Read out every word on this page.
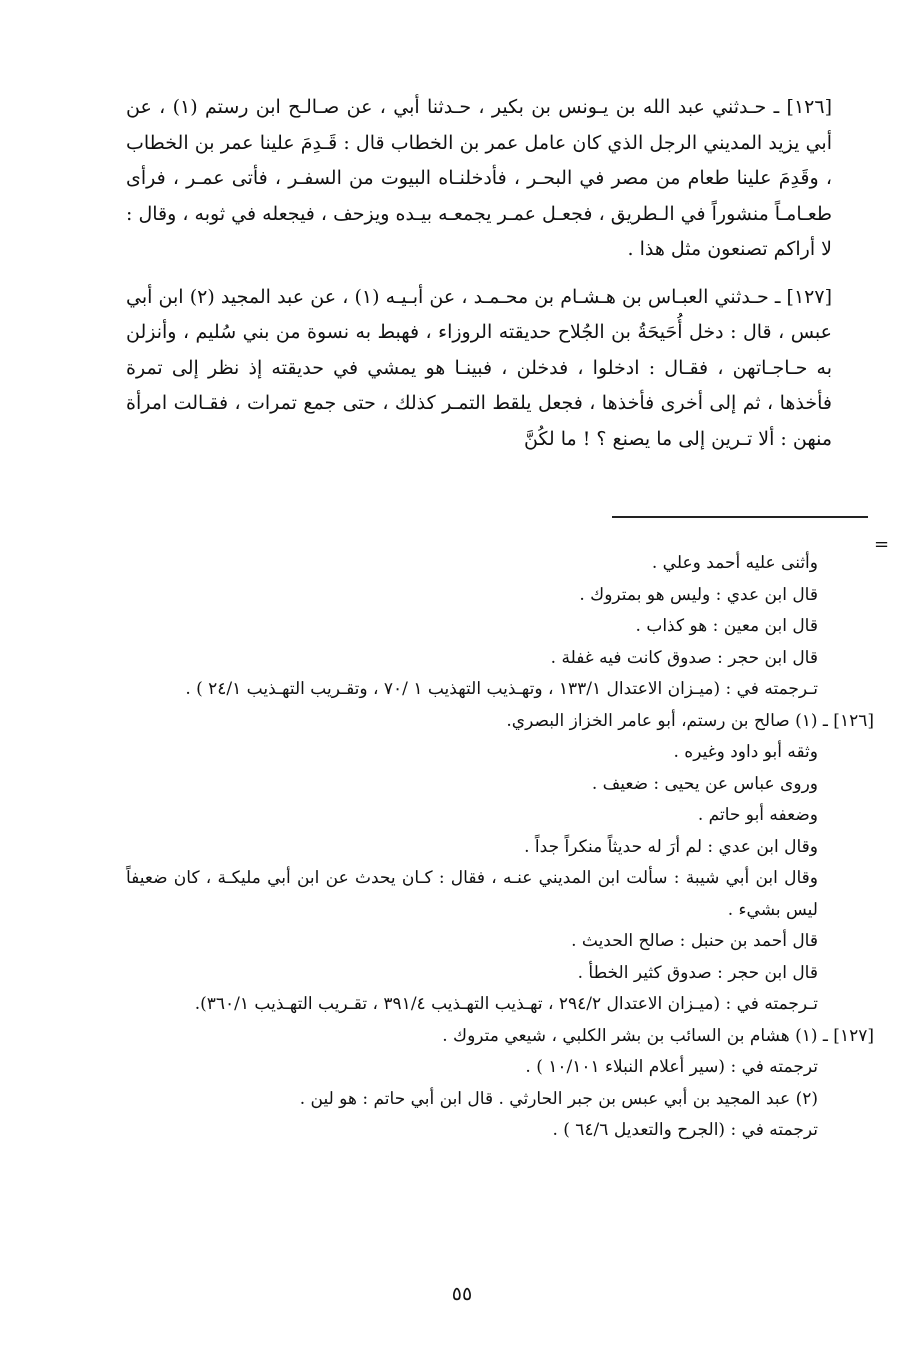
[١٢٦] ـ حـدثني عبد الله بن يـونس بن بكير ، حـدثنا أبي ، عن صـالـح ابن رستم (١) ، عن أبي يزيد المديني الرجل الذي كان عامل عمر بن الخطاب قال : قَـدِمَ علينا عمر بن الخطاب ، وقَدِمَ علينا طعام من مصر في البحـر ، فأدخلنـاه البيوت من السفـر ، فأتى عمـر ، فرأى طعـامـاً منشوراً في الـطريق ، فجعـل عمـر يجمعـه بيـده ويزحف ، فيجعله في ثوبه ، وقال : لا أراكم تصنعون مثل هذا .

[١٢٧] ـ حـدثني العبـاس بن هـشـام بن محـمـد ، عن أبـيـه (١) ، عن عبد المجيد (٢) ابن أبي عبس ، قال : دخل أُحَيحَةُ بن الجُلاح حديقته الروزاء ، فهبط به نسوة من بني سُليم ، وأنزلن به حـاجـاتهن ، فقـال : ادخلوا ، فدخلن ، فبينـا هو يمشي في حديقته إذ نظر إلى تمرة فأخذها ، ثم إلى أخرى فأخذها ، فجعل يلقط التمـر كذلك ، حتى جمع تمرات ، فقـالت امرأة منهن : ألا تـرين إلى ما يصنع ؟ ! ما لكُنَّ

=

وأثنى عليه أحمد وعلي .

قال ابن عدي : وليس هو بمتروك .

قال ابن معين : هو كذاب .

قال ابن حجر : صدوق كانت فيه غفلة .

تـرجمته في : (ميـزان الاعتدال ١٣٣/١ ، وتهـذيب التهذيب ١ /٧٠ ، وتقـريب التهـذيب ٢٤/١ ) .

[١٢٦] ـ (١) صالح بن رستم، أبو عامر الخزاز البصري.

وثقه أبو داود وغيره .

وروى عباس عن يحيى : ضعيف .

وضعفه أبو حاتم .

وقال ابن عدي : لم أرَ له حديثاً منكراً جداً .

وقال ابن أبي شيبة : سألت ابن المديني عنـه ، فقال : كـان يحدث عن ابن أبي مليكـة ، كان ضعيفاً ليس بشيء .

قال أحمد بن حنبل : صالح الحديث .

قال ابن حجر : صدوق كثير الخطأ .

تـرجمته في : (ميـزان الاعتدال ٢٩٤/٢ ، تهـذيب التهـذيب ٣٩١/٤ ، تقـريب التهـذيب ٣٦٠/١).

[١٢٧] ـ (١) هشام بن السائب بن بشر الكلبي ، شيعي متروك .

ترجمته في : (سير أعلام النبلاء ١٠/١٠١ ) .

(٢) عبد المجيد بن أبي عبس بن جبر الحارثي . قال ابن أبي حاتم : هو لين .

ترجمته في : (الجرح والتعديل ٦٤/٦ ) .

٥٥
